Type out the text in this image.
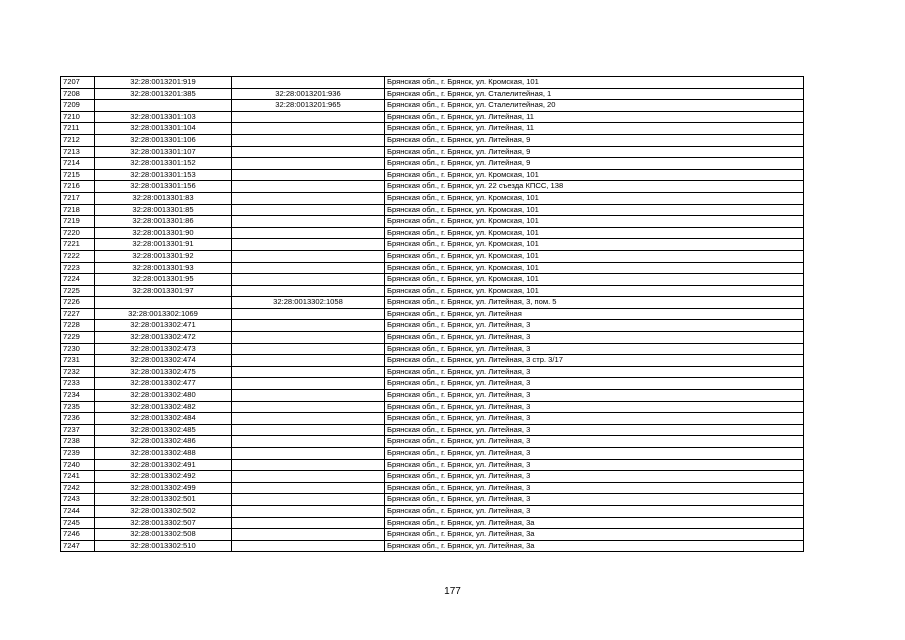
7207	32:28:0013201:919		Брянская обл., г. Брянск, ул. Кромская, 101
7208	32:28:0013201:385	32:28:0013201:936	Брянская обл., г. Брянск, ул. Сталелитейная, 1
7209		32:28:0013201:965	Брянская обл., г. Брянск, ул. Сталелитейная, 20
7210	32:28:0013301:103		Брянская обл., г. Брянск, ул. Литейная, 11
7211	32:28:0013301:104		Брянская обл., г. Брянск, ул. Литейная, 11
7212	32:28:0013301:106		Брянская обл., г. Брянск, ул. Литейная, 9
7213	32:28:0013301:107		Брянская обл., г. Брянск, ул. Литейная, 9
7214	32:28:0013301:152		Брянская обл., г. Брянск, ул. Литейная, 9
7215	32:28:0013301:153		Брянская обл., г. Брянск, ул. Кромская, 101
7216	32:28:0013301:156		Брянская обл., г. Брянск, ул. 22 съезда КПСС, 138
7217	32:28:0013301:83		Брянская обл., г. Брянск, ул. Кромская, 101
7218	32:28:0013301:85		Брянская обл., г. Брянск, ул. Кромская, 101
7219	32:28:0013301:86		Брянская обл., г. Брянск, ул. Кромская, 101
7220	32:28:0013301:90		Брянская обл., г. Брянск, ул. Кромская, 101
7221	32:28:0013301:91		Брянская обл., г. Брянск, ул. Кромская, 101
7222	32:28:0013301:92		Брянская обл., г. Брянск, ул. Кромская, 101
7223	32:28:0013301:93		Брянская обл., г. Брянск, ул. Кромская, 101
7224	32:28:0013301:95		Брянская обл., г. Брянск, ул. Кромская, 101
7225	32:28:0013301:97		Брянская обл., г. Брянск, ул. Кромская, 101
7226		32:28:0013302:1058	Брянская обл., г. Брянск, ул. Литейная, 3, пом. 5
7227	32:28:0013302:1069		Брянская обл., г. Брянск, ул. Литейная
7228	32:28:0013302:471		Брянская обл., г. Брянск, ул. Литейная, 3
7229	32:28:0013302:472		Брянская обл., г. Брянск, ул. Литейная, 3
7230	32:28:0013302:473		Брянская обл., г. Брянск, ул. Литейная, 3
7231	32:28:0013302:474		Брянская обл., г. Брянск, ул. Литейная, 3 стр. 3/17
7232	32:28:0013302:475		Брянская обл., г. Брянск, ул. Литейная, 3
7233	32:28:0013302:477		Брянская обл., г. Брянск, ул. Литейная, 3
7234	32:28:0013302:480		Брянская обл., г. Брянск, ул. Литейная, 3
7235	32:28:0013302:482		Брянская обл., г. Брянск, ул. Литейная, 3
7236	32:28:0013302:484		Брянская обл., г. Брянск, ул. Литейная, 3
7237	32:28:0013302:485		Брянская обл., г. Брянск, ул. Литейная, 3
7238	32:28:0013302:486		Брянская обл., г. Брянск, ул. Литейная, 3
7239	32:28:0013302:488		Брянская обл., г. Брянск, ул. Литейная, 3
7240	32:28:0013302:491		Брянская обл., г. Брянск, ул. Литейная, 3
7241	32:28:0013302:492		Брянская обл., г. Брянск, ул. Литейная, 3
7242	32:28:0013302:499		Брянская обл., г. Брянск, ул. Литейная, 3
7243	32:28:0013302:501		Брянская обл., г. Брянск, ул. Литейная, 3
7244	32:28:0013302:502		Брянская обл., г. Брянск, ул. Литейная, 3
7245	32:28:0013302:507		Брянская обл., г. Брянск, ул. Литейная, 3а
7246	32:28:0013302:508		Брянская обл., г. Брянск, ул. Литейная, 3а
7247	32:28:0013302:510		Брянская обл., г. Брянск, ул. Литейная, 3а
177
